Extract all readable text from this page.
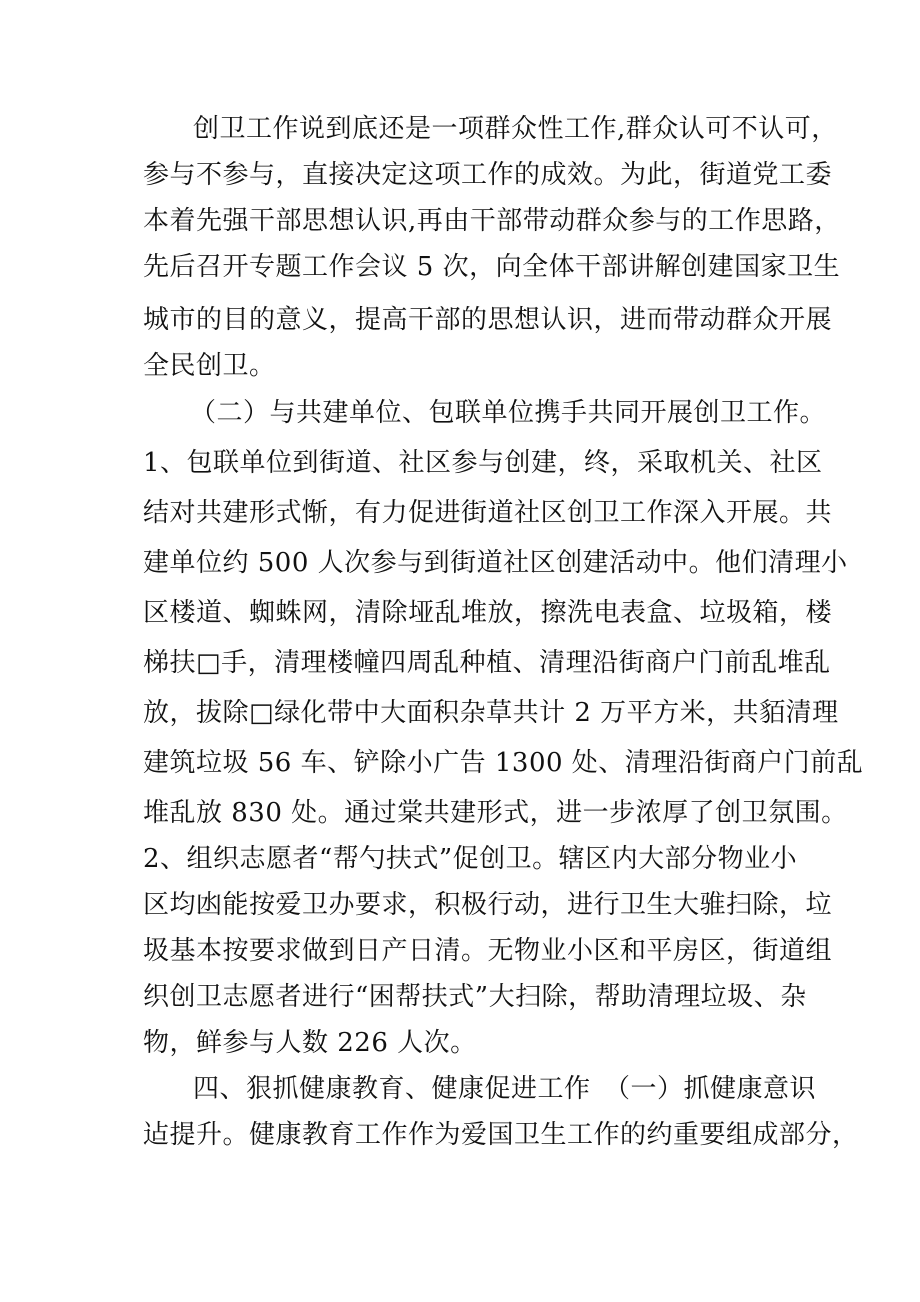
创卫工作说到底还是一项群众性工作,群众认可不认可，
参与不参与，直接决定这项工作的成效。为此，街道党工委
本着先强干部思想认识,再由干部带动群众参与的工作思路，
先后召开专题工作会议 5 次，向全体干部讲解创建国家卫生
城市的目的意义，提高干部的思想认识，进而带动群众开展
全民创卫。
（二）与共建单位、包联单位携手共同开展创卫工作。
1、包联单位到街道、社区参与创建，终，采取机关、社区
结对共建形式惭，有力促进街道社区创卫工作深入开展。共
建单位约 500 人次参与到街道社区创建活动中。他们清理小
区楼道、蜘蛛网，清除垭乱堆放，擦洗电表盒、垃圾箱，楼
梯扶□手，清理楼幢四周乱种植、清理沿街商户门前乱堆乱
放，拔除□绿化带中大面积杂草共计 2 万平方米，共貊清理
建筑垃圾 56 车、铲除小广告 1300 处、清理沿街商户门前乱
堆乱放 830 处。通过棠共建形式，进一步浓厚了创卫氛围。
2、组织志愿者“帮勺扶式”促创卫。辖区内大部分物业小
区均凼能按爱卫办要求，积极行动，进行卫生大骓扫除，垃
圾基本按要求做到日产日清。无物业小区和平房区，街道组
织创卫志愿者进行“困帮扶式”大扫除，帮助清理垃圾、杂
物，鲜参与人数 226 人次。
四、狠抓健康教育、健康促进工作　（一）抓健康意识
迠提升。健康教育工作作为爱国卫生工作的约重要组成部分，
